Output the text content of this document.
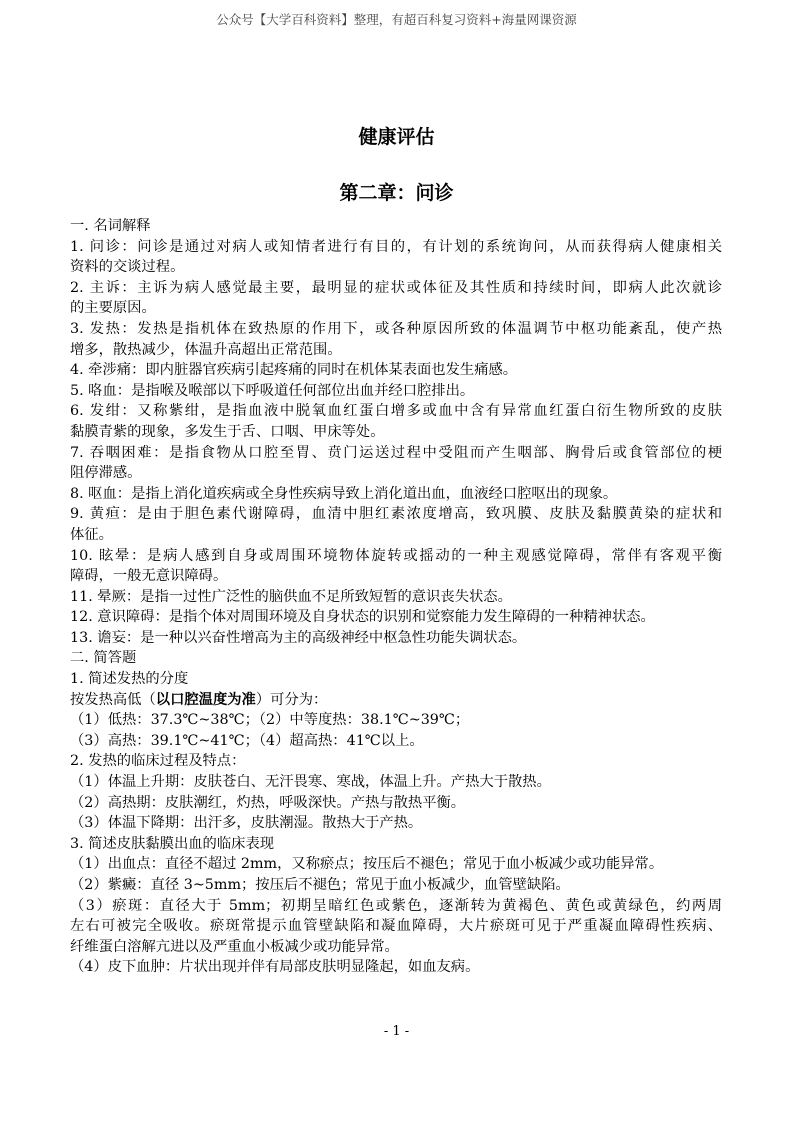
公众号【大学百科资料】整理，有超百科复习资料+海量网课资源
健康评估
第二章：问诊
一. 名词解释
1. 问诊：问诊是通过对病人或知情者进行有目的，有计划的系统询问，从而获得病人健康相关
资料的交谈过程。
2. 主诉：主诉为病人感觉最主要，最明显的症状或体征及其性质和持续时间，即病人此次就诊
的主要原因。
3. 发热：发热是指机体在致热原的作用下，或各种原因所致的体温调节中枢功能紊乱，使产热
增多，散热减少，体温升高超出正常范围。
4. 牵涉痛：即内脏器官疾病引起疼痛的同时在机体某表面也发生痛感。
5. 咯血：是指喉及喉部以下呼吸道任何部位出血并经口腔排出。
6. 发绀：又称紫绀，是指血液中脱氧血红蛋白增多或血中含有异常血红蛋白衍生物所致的皮肤
黏膜青紫的现象，多发生于舌、口咽、甲床等处。
7. 吞咽困难：是指食物从口腔至胃、贲门运送过程中受阻而产生咽部、胸骨后或食管部位的梗
阻停滞感。
8. 呕血：是指上消化道疾病或全身性疾病导致上消化道出血，血液经口腔呕出的现象。
9. 黄疸：是由于胆色素代谢障碍，血清中胆红素浓度增高，致巩膜、皮肤及黏膜黄染的症状和
体征。
10. 眩晕：是病人感到自身或周围环境物体旋转或摇动的一种主观感觉障碍，常伴有客观平衡
障碍，一般无意识障碍。
11. 晕厥：是指一过性广泛性的脑供血不足所致短暂的意识丧失状态。
12. 意识障碍：是指个体对周围环境及自身状态的识别和觉察能力发生障碍的一种精神状态。
13. 谵妄：是一种以兴奋性增高为主的高级神经中枢急性功能失调状态。
二. 简答题
1. 简述发热的分度
按发热高低（以口腔温度为准）可分为：
（1）低热：37.3℃~38℃；（2）中等度热：38.1℃~39℃；
（3）高热：39.1℃~41℃；（4）超高热：41℃以上。
2. 发热的临床过程及特点：
（1）体温上升期：皮肤苍白、无汗畏寒、寒战，体温上升。产热大于散热。
（2）高热期：皮肤潮红，灼热，呼吸深快。产热与散热平衡。
（3）体温下降期：出汗多，皮肤潮湿。散热大于产热。
3. 简述皮肤黏膜出血的临床表现
（1）出血点：直径不超过 2mm，又称瘀点；按压后不褪色；常见于血小板减少或功能异常。
（2）紫癜：直径 3~5mm；按压后不褪色；常见于血小板减少，血管壁缺陷。
（3）瘀斑：直径大于 5mm；初期呈暗红色或紫色，逐渐转为黄褐色、黄色或黄绿色，约两周
左右可被完全吸收。瘀斑常提示血管壁缺陷和凝血障碍，大片瘀斑可见于严重凝血障碍性疾病、
纤维蛋白溶解亢进以及严重血小板减少或功能异常。
（4）皮下血肿：片状出现并伴有局部皮肤明显隆起，如血友病。
- 1 -
